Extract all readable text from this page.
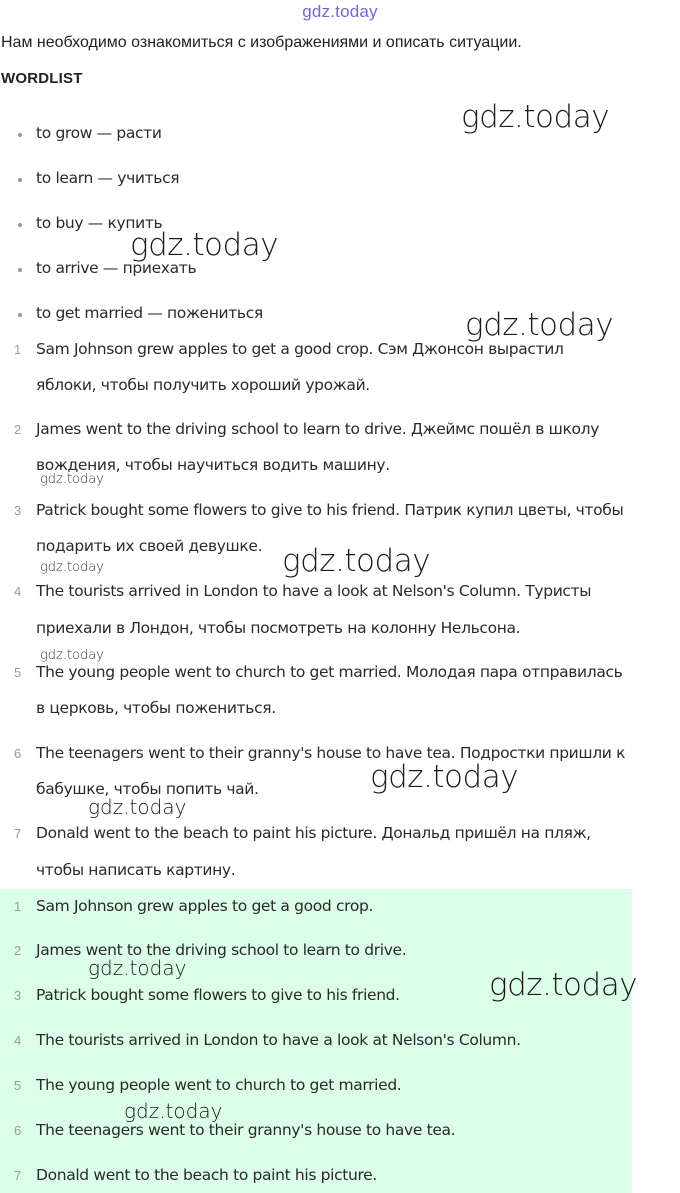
gdz.today
Нам необходимо ознакомиться с изображениями и описать ситуации.
WORDLIST
to grow — расти
to learn — учиться
to buy — купить
to arrive — приехать
to get married — пожениться
1 Sam Johnson grew apples to get a good crop. Сэм Джонсон вырастил
яблоки, чтобы получить хороший урожай.
2 James went to the driving school to learn to drive. Джеймс пошёл в школу
вождения, чтобы научиться водить машину.
3 Patrick bought some flowers to give to his friend. Патрик купил цветы, чтобы
подарить их своей девушке.
4 The tourists arrived in London to have a look at Nelson's Column. Туристы
приехали в Лондон, чтобы посмотреть на колонну Нельсона.
5 The young people went to church to get married. Молодая пара отправилась
в церковь, чтобы пожениться.
6 The teenagers went to their granny's house to have tea. Подростки пришли к
бабушке, чтобы попить чай.
7 Donald went to the beach to paint his picture. Дональд пришёл на пляж,
чтобы написать картину.
1 Sam Johnson grew apples to get a good crop.
2 James went to the driving school to learn to drive.
3 Patrick bought some flowers to give to his friend.
4 The tourists arrived in London to have a look at Nelson's Column.
5 The young people went to church to get married.
6 The teenagers went to their granny's house to have tea.
7 Donald went to the beach to paint his picture.
gdz.today
gdz.today
gdz.today
gdz.today
gdz.today
gdz.today
gdz.today
gdz.today
gdz.today
gdz.today	gdz.today
gdz.today
